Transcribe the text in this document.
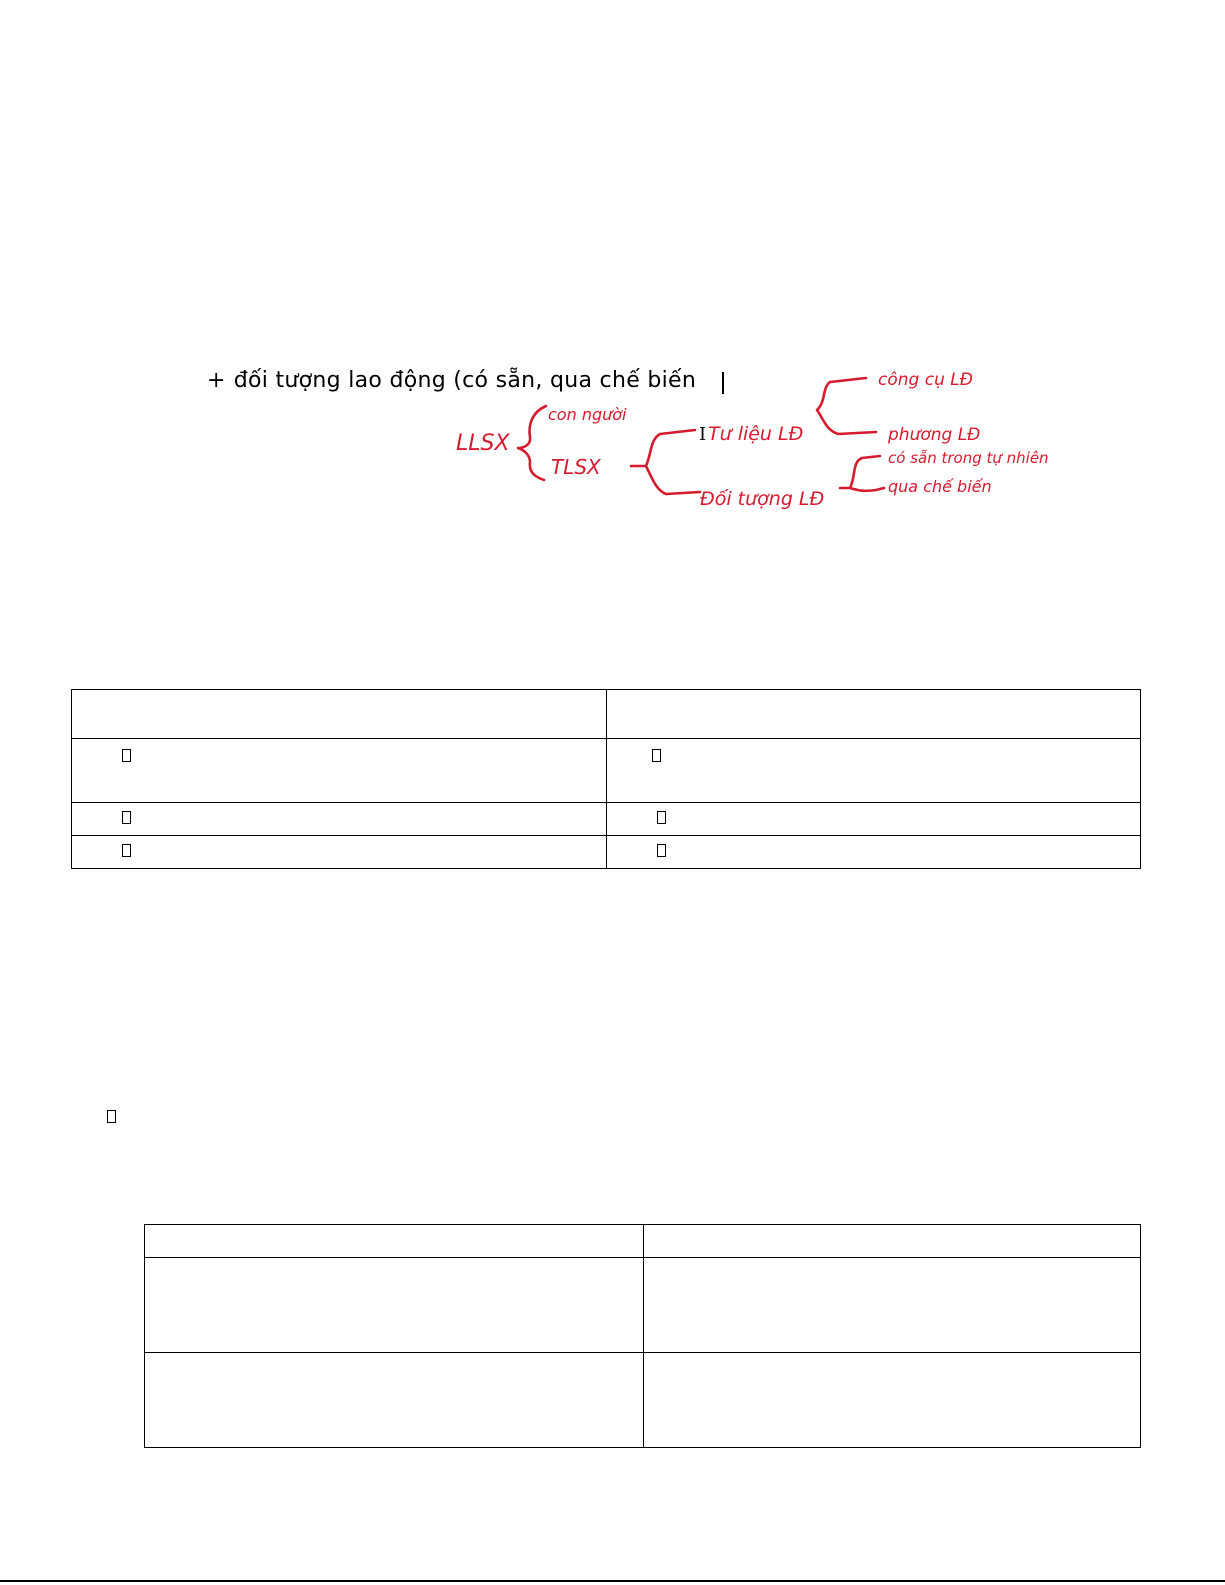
+ đối tượng lao động (có sẵn, qua chế biến
I
LLSX
con người
TLSX
Tư liệu LĐ
Đối tượng LĐ
công cụ LĐ
phương LĐ
có sẵn trong tự nhiên
qua chế biến
